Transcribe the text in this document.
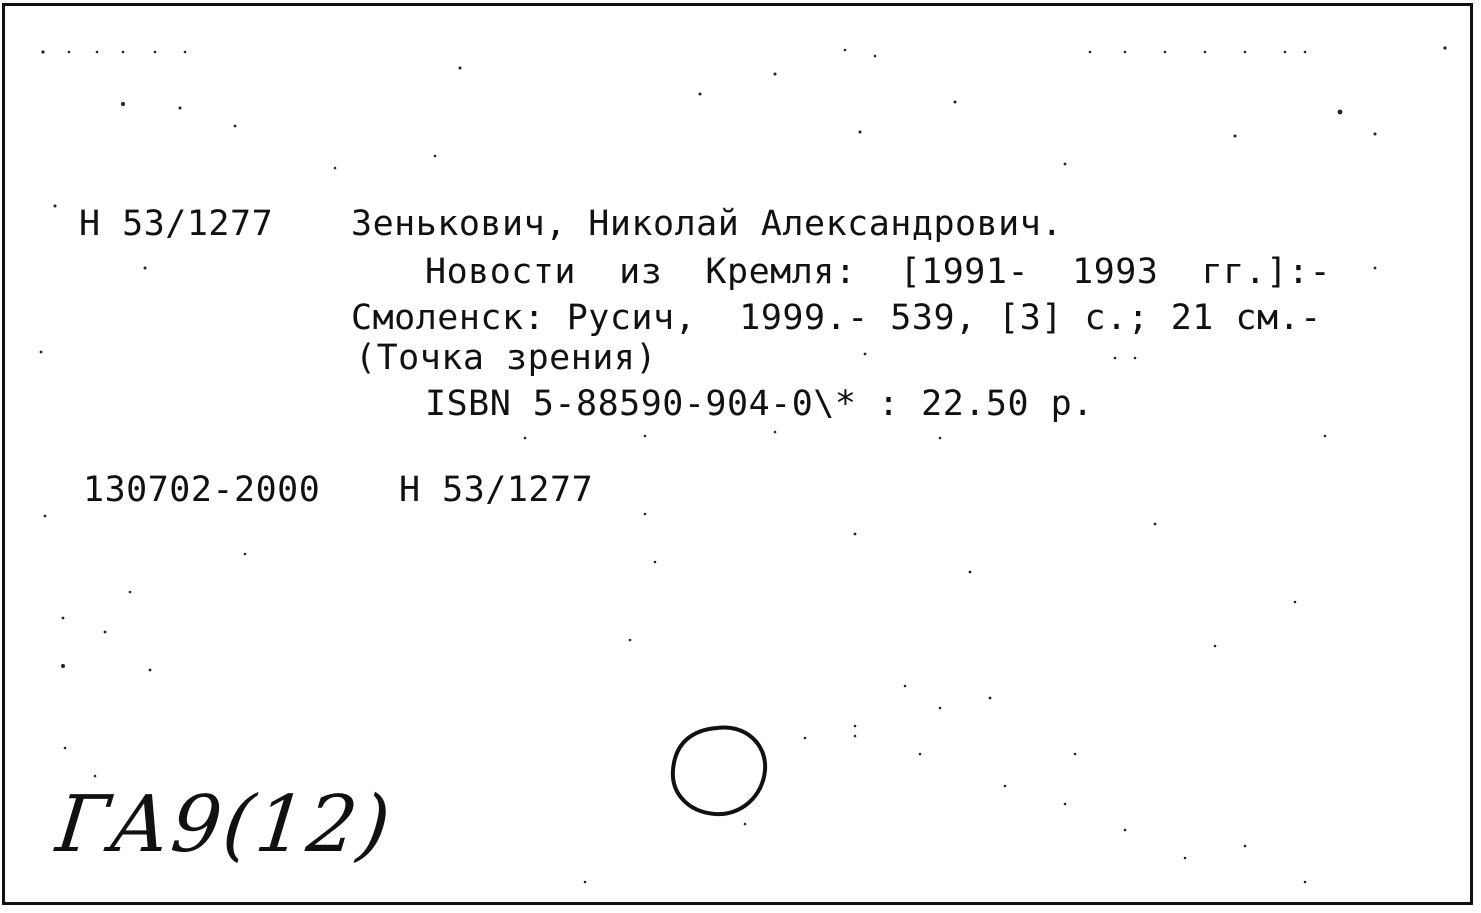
Н 53/1277 Зенькович, Николай Александрович.
Новости  из  Кремля:  [1991-  1993  гг.]:-
Смоленск: Русич,  1999.- 539, [3] с.; 21 см.-
(Точка зрения)
ISBN 5-88590-904-0\* : 22.50 р.
130702-2000 Н 53/1277
ГА9(12)
